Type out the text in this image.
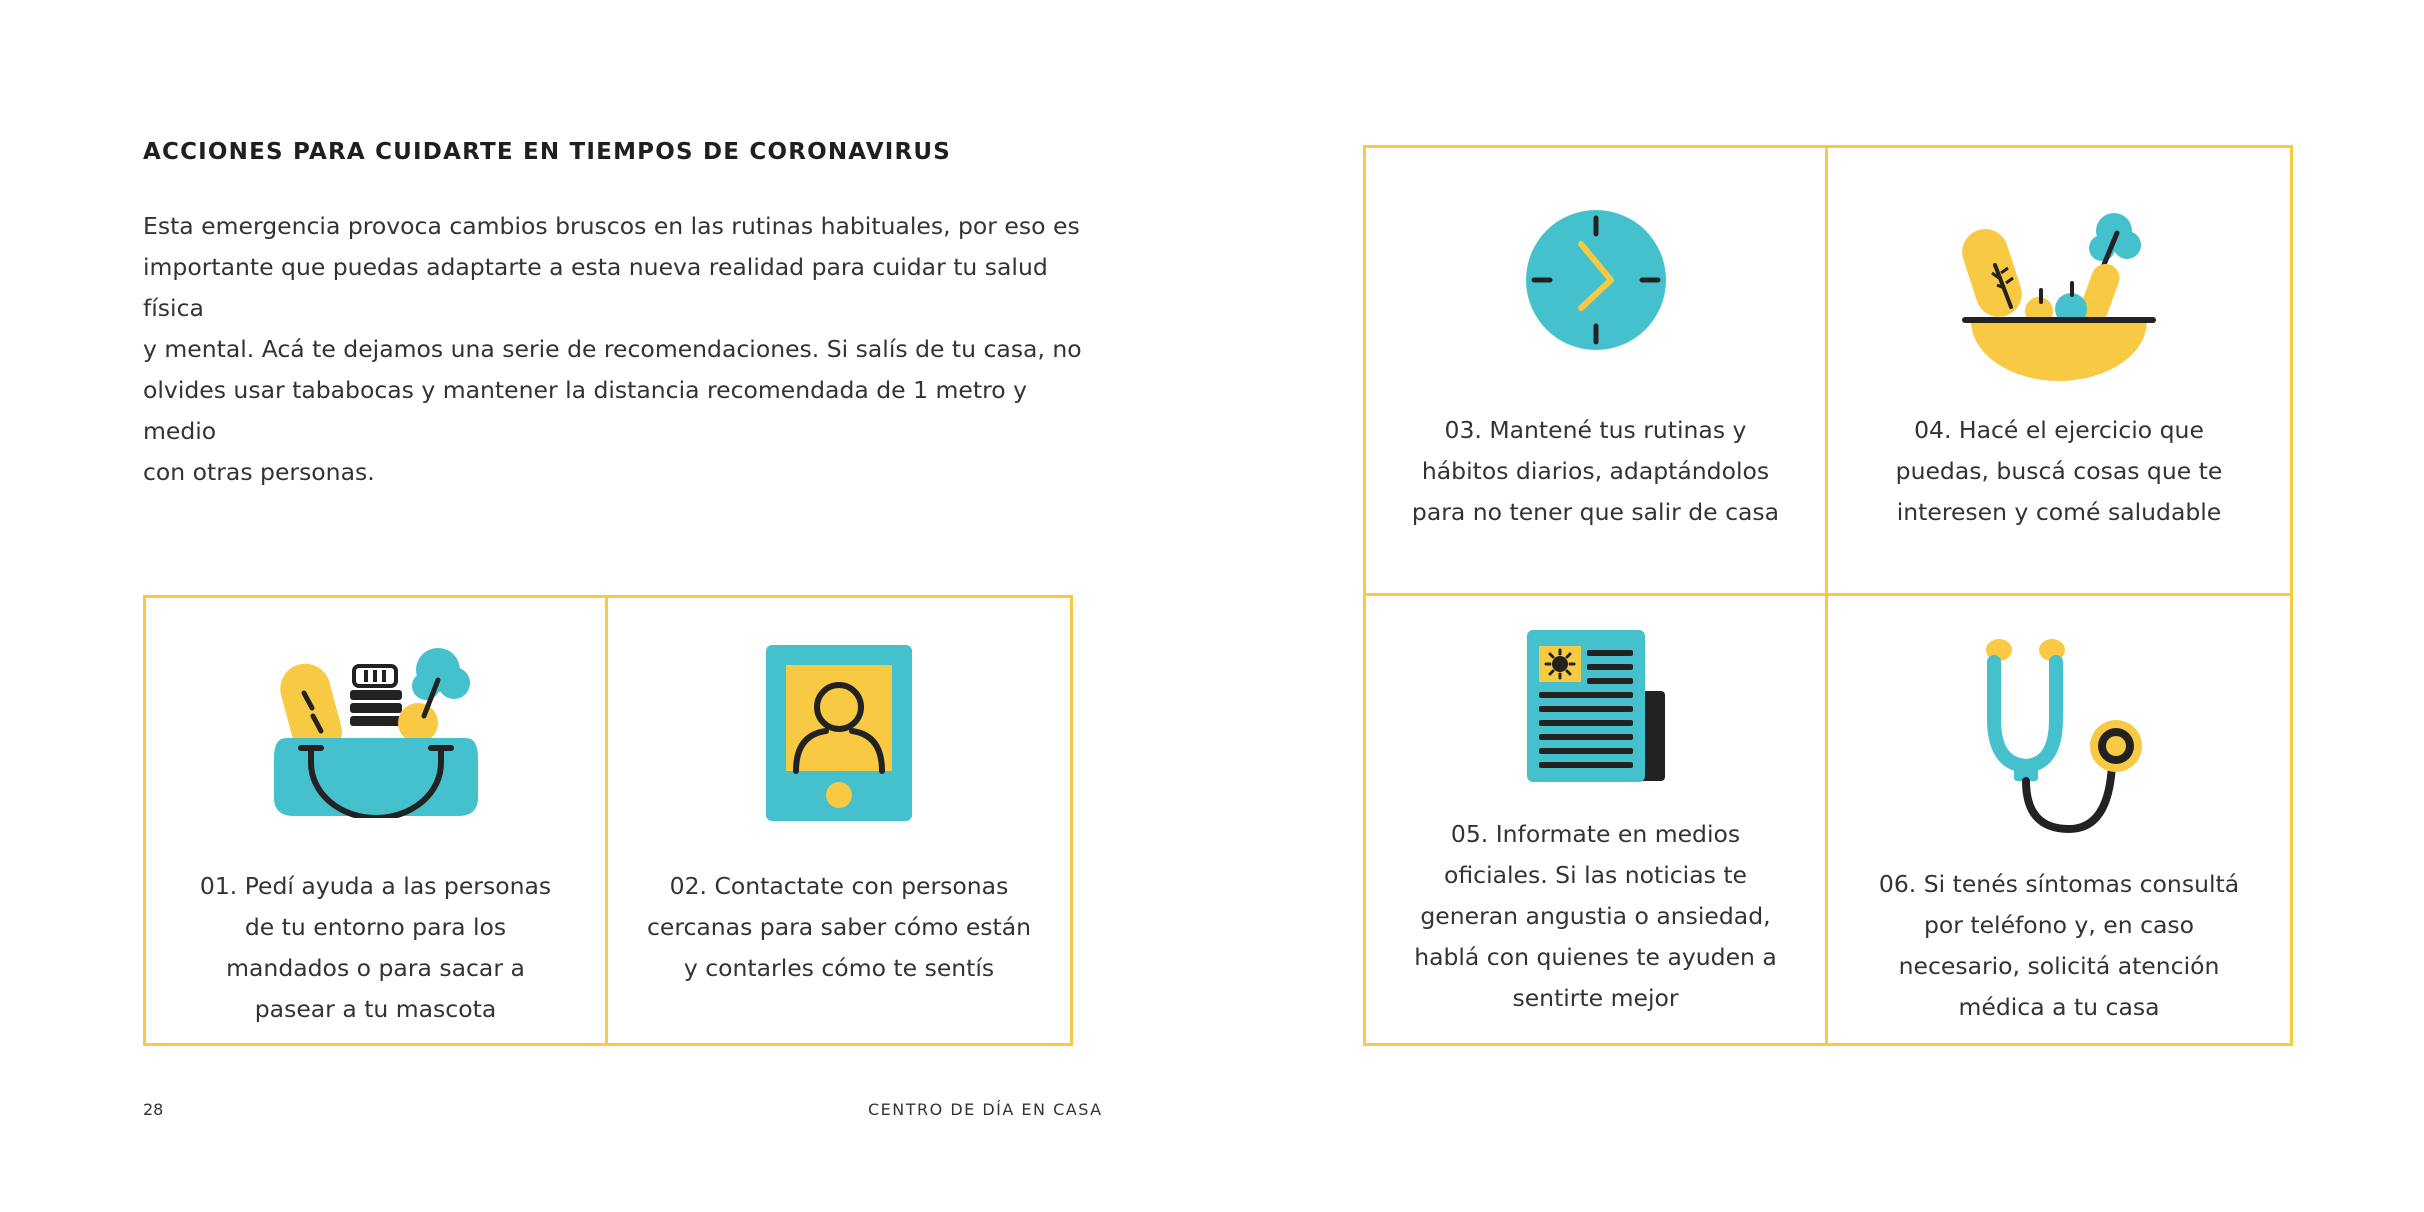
ACCIONES PARA CUIDARTE EN TIEMPOS DE CORONAVIRUS

Esta emergencia provoca cambios bruscos en las rutinas habituales, por eso es
importante que puedas adaptarte a esta nueva realidad para cuidar tu salud física
y mental. Acá te dejamos una serie de recomendaciones. Si salís de tu casa, no
olvides usar tababocas y mantener la distancia recomendada de 1 metro y medio
con otras personas.

01. Pedí ayuda a las personas
de tu entorno para los
mandados o para sacar a
pasear a tu mascota

02. Contactate con personas
cercanas para saber cómo están
y contarles cómo te sentís

03. Mantené tus rutinas y
hábitos diarios, adaptándolos
para no tener que salir de casa

04. Hacé el ejercicio que
puedas, buscá cosas que te
interesen y comé saludable

05. Informate en medios
oficiales. Si las noticias te
generan angustia o ansiedad,
hablá con quienes te ayuden a
sentirte mejor

06. Si tenés síntomas consultá
por teléfono y, en caso
necesario, solicitá atención
médica a tu casa

28	CENTRO DE DÍA EN CASA
